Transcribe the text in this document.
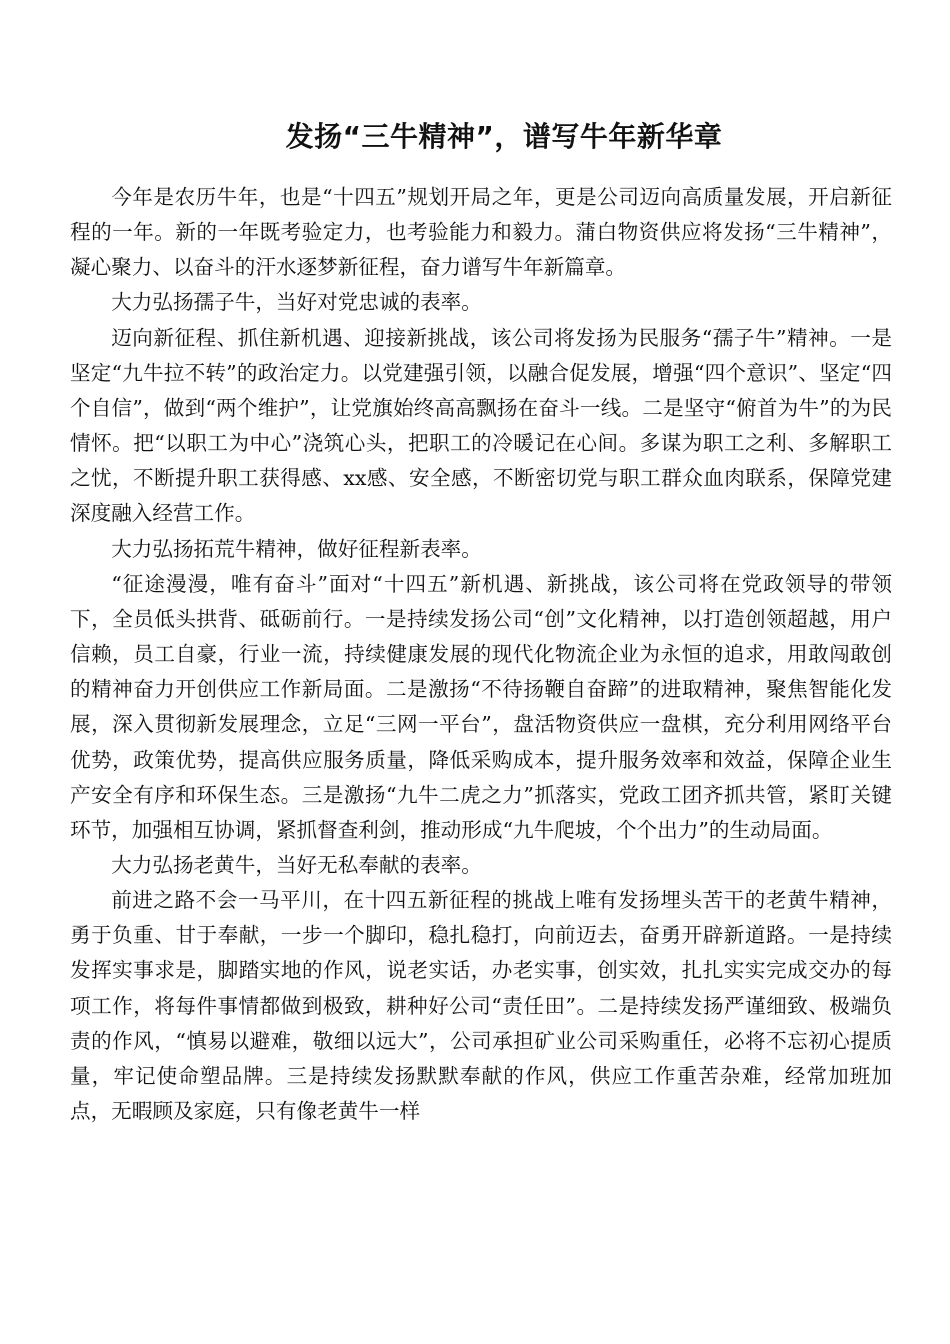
发扬“三牛精神”，谱写牛年新华章

今年是农历牛年，也是“十四五”规划开局之年，更是公司迈向高质量发展，开启新征程的一年。新的一年既考验定力，也考验能力和毅力。蒲白物资供应将发扬“三牛精神”，凝心聚力、以奋斗的汗水逐梦新征程，奋力谱写牛年新篇章。

大力弘扬孺子牛，当好对党忠诚的表率。

迈向新征程、抓住新机遇、迎接新挑战，该公司将发扬为民服务“孺子牛”精神。一是坚定“九牛拉不转”的政治定力。以党建强引领，以融合促发展，增强“四个意识”、坚定“四个自信”，做到“两个维护”，让党旗始终高高飘扬在奋斗一线。二是坚守“俯首为牛”的为民情怀。把“以职工为中心”浇筑心头，把职工的冷暖记在心间。多谋为职工之利、多解职工之忧，不断提升职工获得感、xx感、安全感，不断密切党与职工群众血肉联系，保障党建深度融入经营工作。

大力弘扬拓荒牛精神，做好征程新表率。

“征途漫漫，唯有奋斗”面对“十四五”新机遇、新挑战，该公司将在党政领导的带领下，全员低头拱背、砥砺前行。一是持续发扬公司“创”文化精神，以打造创领超越，用户信赖，员工自豪，行业一流，持续健康发展的现代化物流企业为永恒的追求，用敢闯敢创的精神奋力开创供应工作新局面。二是激扬“不待扬鞭自奋蹄”的进取精神，聚焦智能化发展，深入贯彻新发展理念，立足“三网一平台”，盘活物资供应一盘棋，充分利用网络平台优势，政策优势，提高供应服务质量，降低采购成本，提升服务效率和效益，保障企业生产安全有序和环保生态。三是激扬“九牛二虎之力”抓落实，党政工团齐抓共管，紧盯关键环节，加强相互协调，紧抓督查利剑，推动形成“九牛爬坡，个个出力”的生动局面。

大力弘扬老黄牛，当好无私奉献的表率。

前进之路不会一马平川，在十四五新征程的挑战上唯有发扬埋头苦干的老黄牛精神，勇于负重、甘于奉献，一步一个脚印，稳扎稳打，向前迈去，奋勇开辟新道路。一是持续发挥实事求是，脚踏实地的作风，说老实话，办老实事，创实效，扎扎实实完成交办的每项工作，将每件事情都做到极致，耕种好公司“责任田”。二是持续发扬严谨细致、极端负责的作风，“慎易以避难，敬细以远大”，公司承担矿业公司采购重任，必将不忘初心提质量，牢记使命塑品牌。三是持续发扬默默奉献的作风，供应工作重苦杂难，经常加班加点，无暇顾及家庭，只有像老黄牛一样
